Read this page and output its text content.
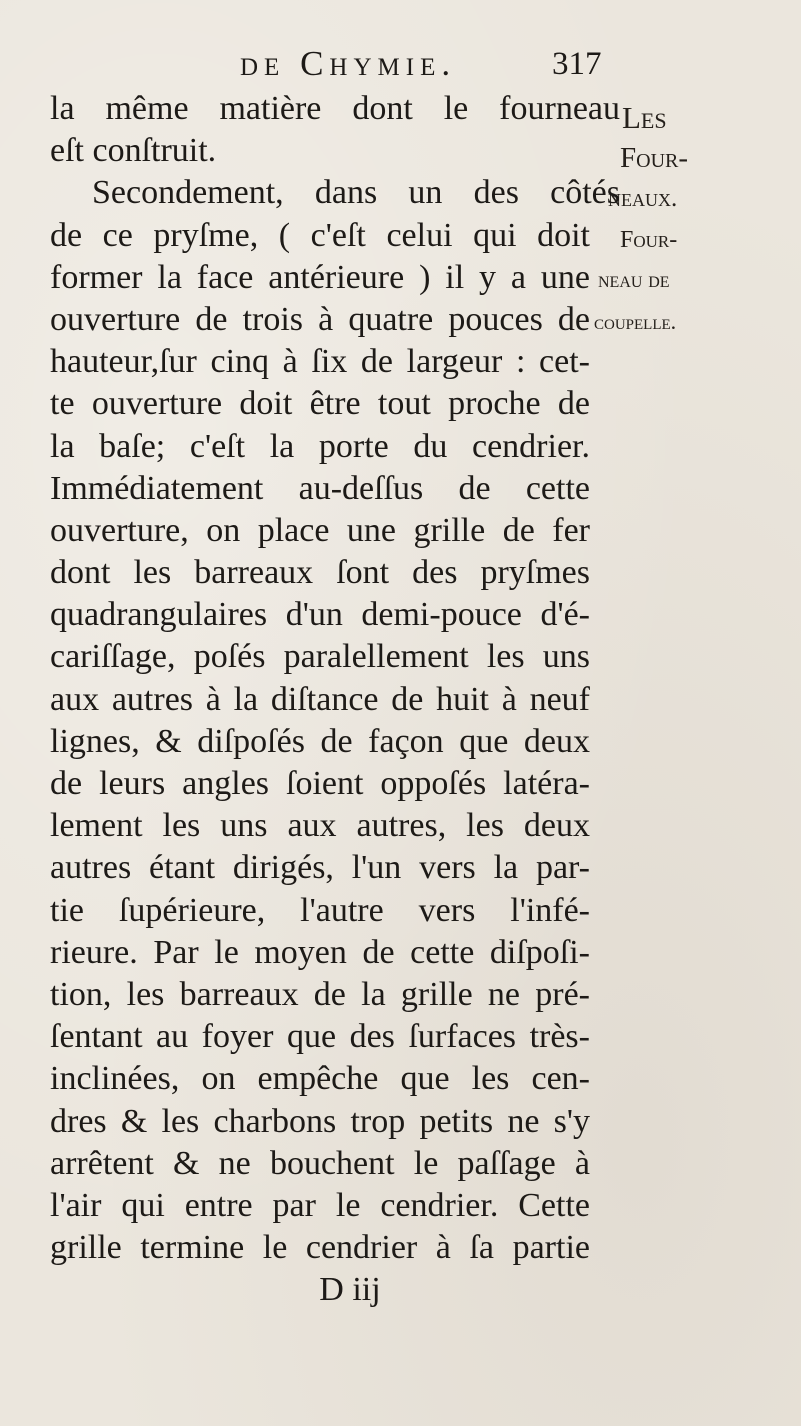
de Chymie.	317
Les
Four-
neaux.
Four-
neau de
coupelle.
la même matière dont le fourneau
eſt conſtruit.
Secondement, dans un des côtés
de ce pryſme, ( c'eſt celui qui doit
former la face antérieure ) il y a une
ouverture de trois à quatre pouces de
hauteur,ſur cinq à ſix de largeur : cet-
te ouverture doit être tout proche de
la baſe; c'eſt la porte du cendrier.
Immédiatement au-deſſus de cette
ouverture, on place une grille de fer
dont les barreaux ſont des pryſmes
quadrangulaires d'un demi-pouce d'é-
cariſſage, poſés paralellement les uns
aux autres à la diſtance de huit à neuf
lignes, & diſpoſés de façon que deux
de leurs angles ſoient oppoſés latéra-
lement les uns aux autres, les deux
autres étant dirigés, l'un vers la par-
tie ſupérieure, l'autre vers l'infé-
rieure. Par le moyen de cette diſpoſi-
tion, les barreaux de la grille ne pré-
ſentant au foyer que des ſurfaces très-
inclinées, on empêche que les cen-
dres & les charbons trop petits ne s'y
arrêtent & ne bouchent le paſſage à
l'air qui entre par le cendrier. Cette
grille termine le cendrier à ſa partie
D iij
